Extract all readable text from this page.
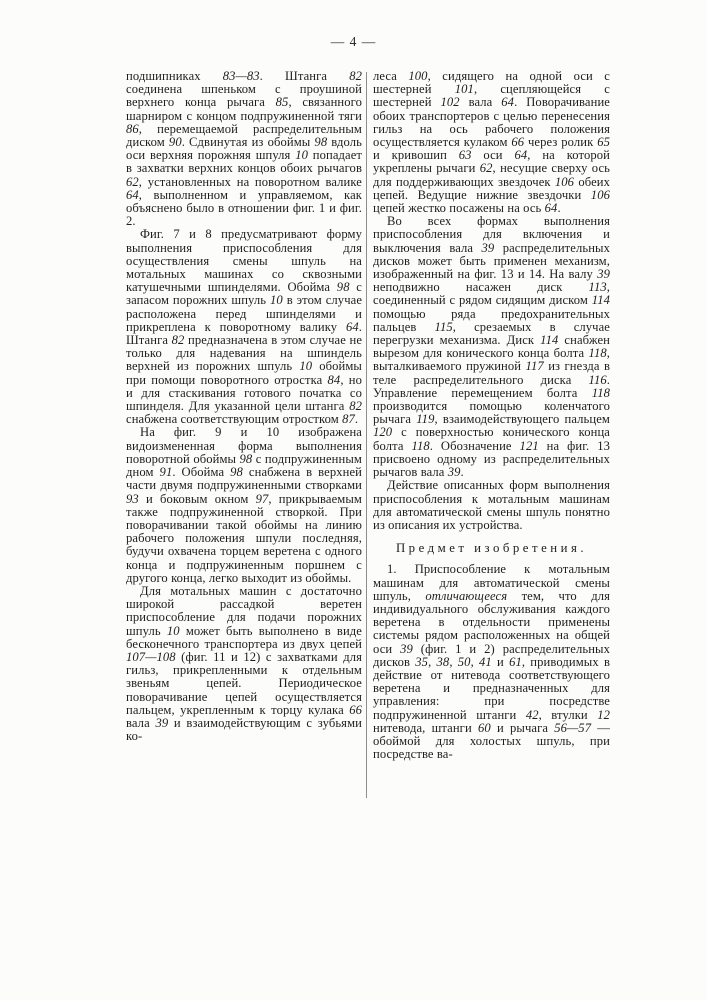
— 4 —

подшипниках 83—83. Штанга 82 соединена шпеньком с проушиной верхнего конца рычага 85, связанного шарниром с концом подпружиненной тяги 86, перемещаемой распределительным диском 90. Сдвинутая из обоймы 98 вдоль оси верхняя порожняя шпуля 10 попадает в захватки верхних концов обоих рычагов 62, установленных на поворотном валике 64, выполненном и управляемом, как объяснено было в отношении фиг. 1 и фиг. 2.

Фиг. 7 и 8 предусматривают форму выполнения приспособления для осуществления смены шпуль на мотальных машинах со сквозными катушечными шпинделями. Обойма 98 с запасом порожних шпуль 10 в этом случае расположена перед шпинделями и прикреплена к поворотному валику 64. Штанга 82 предназначена в этом случае не только для надевания на шпиндель верхней из порожних шпуль 10 обоймы при помощи поворотного отростка 84, но и для стаскивания готового початка со шпинделя. Для указанной цели штанга 82 снабжена соответствующим отростком 87.

На фиг. 9 и 10 изображена видоизмененная форма выполнения поворотной обоймы 98 с подпружиненным дном 91. Обойма 98 снабжена в верхней части двумя подпружиненными створками 93 и боковым окном 97, прикрываемым также подпружиненной створкой. При поворачивании такой обоймы на линию рабочего положения шпули последняя, будучи охвачена торцем веретена с одного конца и подпружиненным поршнем с другого конца, легко выходит из обоймы.

Для мотальных машин с достаточно широкой рассадкой веретен приспособление для подачи порожних шпуль 10 может быть выполнено в виде бесконечного транспортера из двух цепей 107—108 (фиг. 11 и 12) с захватками для гильз, прикрепленными к отдельным звеньям цепей. Периодическое поворачивание цепей осуществляется пальцем, укрепленным к торцу кулака 66 вала 39 и взаимодействующим с зубьями ко-

леса 100, сидящего на одной оси с шестерней 101, сцепляющейся с шестерней 102 вала 64. Поворачивание обоих транспортеров с целью перенесения гильз на ось рабочего положения осуществляется кулаком 66 через ролик 65 и кривошип 63 оси 64, на которой укреплены рычаги 62, несущие сверху ось для поддерживающих звездочек 106 обеих цепей. Ведущие нижние звездочки 106 цепей жестко посажены на ось 64.

Во всех формах выполнения приспособления для включения и выключения вала 39 распределительных дисков может быть применен механизм, изображенный на фиг. 13 и 14. На валу 39 неподвижно насажен диск 113, соединенный с рядом сидящим диском 114 помощью ряда предохранительных пальцев 115, срезаемых в случае перегрузки механизма. Диск 114 снабжен вырезом для конического конца болта 118, выталкиваемого пружиной 117 из гнезда в теле распределительного диска 116. Управление перемещением болта 118 производится помощью коленчатого рычага 119, взаимодействующего пальцем 120 с поверхностью конического конца болта 118. Обозначение 121 на фиг. 13 присвоено одному из распределительных рычагов вала 39.

Действие описанных форм выполнения приспособления к мотальным машинам для автоматической смены шпуль понятно из описания их устройства.

Предмет изобретения.

1. Приспособление к мотальным машинам для автоматической смены шпуль, отличающееся тем, что для индивидуального обслуживания каждого веретена в отдельности применены системы рядом расположенных на общей оси 39 (фиг. 1 и 2) распределительных дисков 35, 38, 50, 41 и 61, приводимых в действие от нитевода соответствующего веретена и предназначенных для управления: при посредстве подпружиненной штанги 42, втулки 12 нитевода, штанги 60 и рычага 56—57 — обоймой для холостых шпуль, при посредстве ва-
